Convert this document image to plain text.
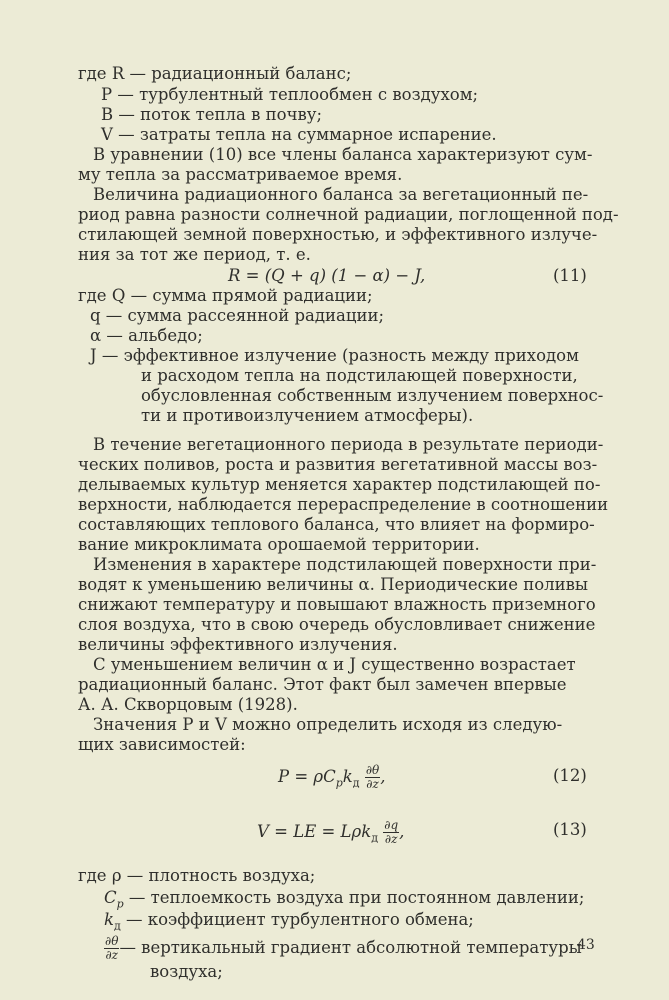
где R — радиационный баланс;
P — турбулентный теплообмен с воздухом;
B — поток тепла в почву;
V — затраты тепла на суммарное испарение.
В уравнении (10) все члены баланса характеризуют сум-
му тепла за рассматриваемое время.
Величина радиационного баланса за вегетационный пе-
риод равна разности солнечной радиации, поглощенной под-
стилающей земной поверхностью, и эффективного излуче-
ния за тот же период, т. е.
R = (Q + q) (1 − α) − J,	(11)
где Q — сумма прямой радиации;
q — сумма рассеянной радиации;
α — альбедо;
J — эффективное излучение (разность между приходом
и расходом тепла на подстилающей поверхности,
обусловленная собственным излучением поверхнос-
ти и противоизлучением атмосферы).
В течение вегетационного периода в результате периоди-
ческих поливов, роста и развития вегетативной массы воз-
делываемых культур меняется характер подстилающей по-
верхности, наблюдается перераспределение в соотношении
составляющих теплового баланса, что влияет на формиро-
вание микроклимата орошаемой территории.
Изменения в характере подстилающей поверхности при-
водят к уменьшению величины α. Периодические поливы
снижают температуру и повышают влажность приземного
слоя воздуха, что в свою очередь обусловливает снижение
величины эффективного излучения.
С уменьшением величин α и J существенно возрастает
радиационный баланс. Этот факт был замечен впервые
А. А. Скворцовым (1928).
Значения P и V можно определить исходя из следую-
щих зависимостей:
$P = \rho C_pk_д \frac{\partial\theta}{\partial z}$ ,	(12)
V = LE = $L\rho k_д \frac{\partial q}{\partial z}$ ,	(13)
где ρ — плотность воздуха;
$C_p$ — теплоемкость воздуха при постоянном давлении;
$k_д$ — коэффициент турбулентного обмена;
$\frac{\partial\theta}{\partial z}$ — вертикальный градиент абсолютной температуры
воздуха;
43
